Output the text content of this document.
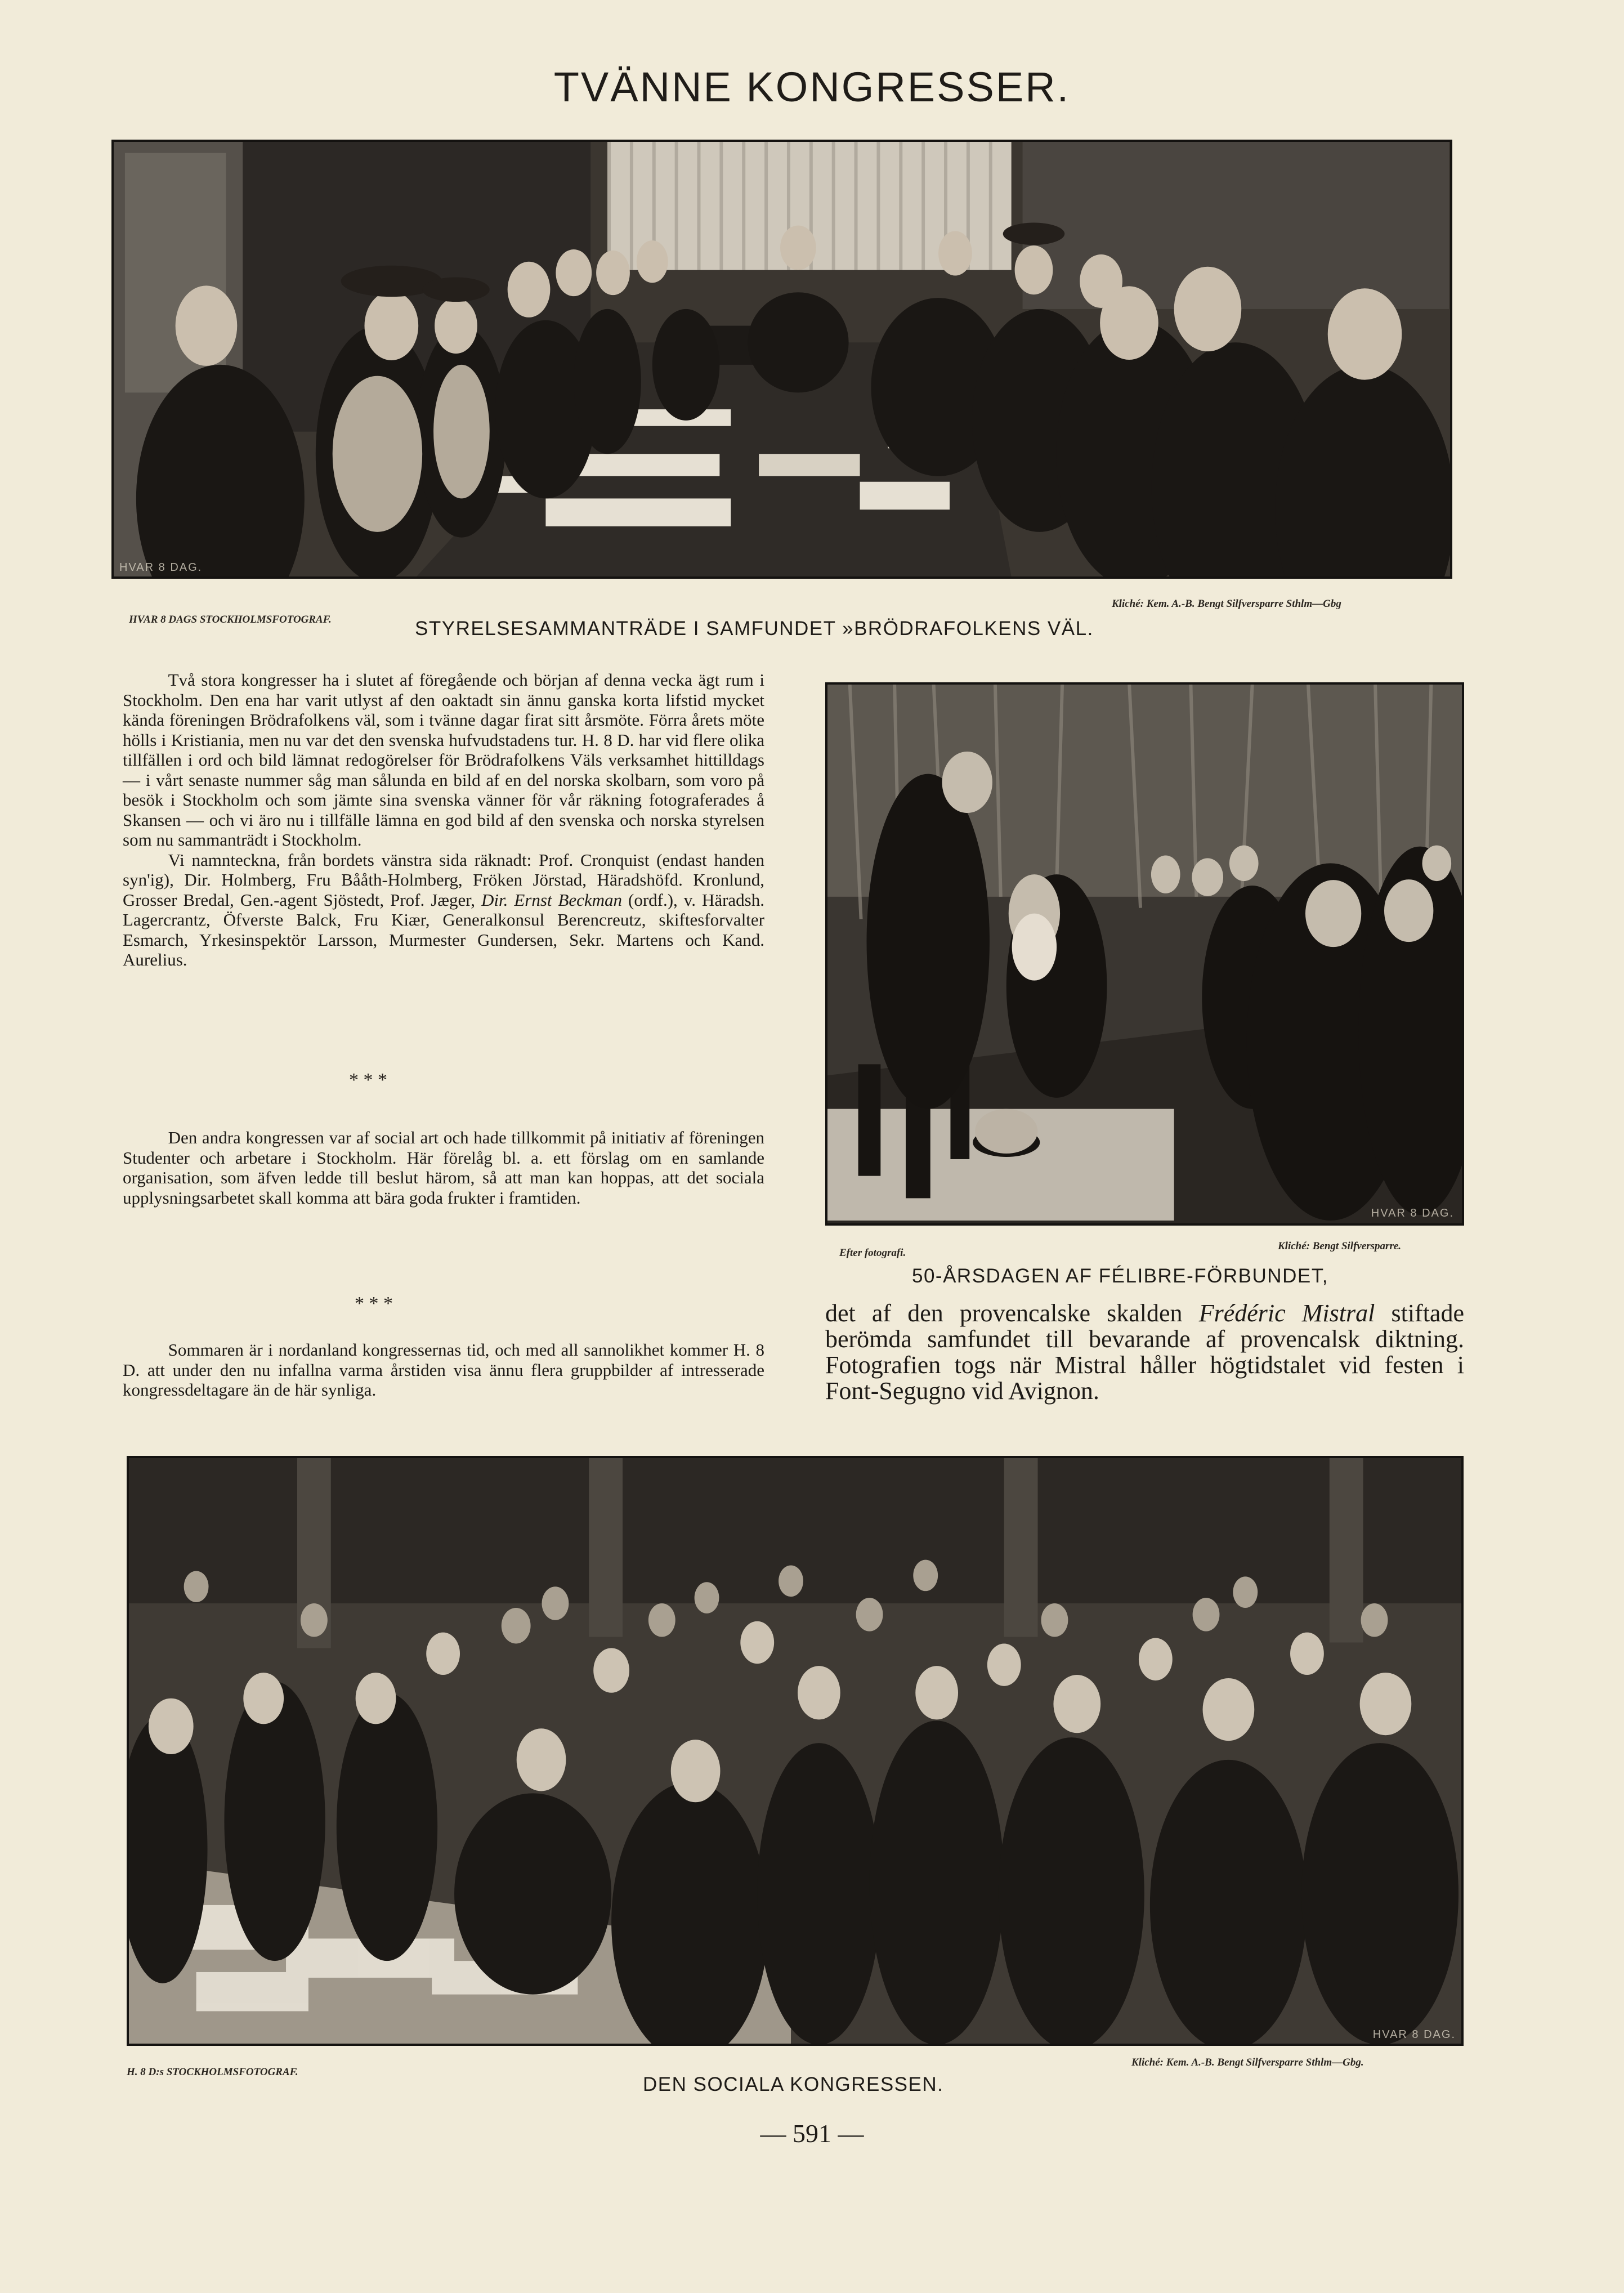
TVÄNNE KONGRESSER.
HVAR 8 DAG.
HVAR 8 DAGS STOCKHOLMSFOTOGRAF.
Kliché: Kem. A.-B. Bengt Silfversparre Sthlm—Gbg
STYRELSESAMMANTRÄDE I SAMFUNDET »BRÖDRAFOLKENS VÄL.

Två stora kongresser ha i slutet af föregående och början af denna vecka ägt rum i Stockholm. Den ena har varit utlyst af den oaktadt sin ännu ganska korta lifstid mycket kända föreningen Brödrafolkens väl, som i tvänne dagar firat sitt årsmöte. Förra årets möte hölls i Kristiania, men nu var det den svenska hufvudstadens tur. H. 8 D. har vid flere olika tillfällen i ord och bild lämnat redogörelser för Brödrafolkens Väls verksamhet hittilldags — i vårt senaste nummer såg man sålunda en bild af en del norska skolbarn, som voro på besök i Stockholm och som jämte sina svenska vänner för vår räkning fotograferades å Skansen — och vi äro nu i tillfälle lämna en god bild af den svenska och norska styrelsen som nu sammanträdt i Stockholm.

Vi namnteckna, från bordets vänstra sida räknadt: Prof. Cronquist (endast handen syn'ig), Dir. Holmberg, Fru Bååth-Holmberg, Fröken Jörstad, Häradshöfd. Kronlund, Grosser Bredal, Gen.-agent Sjöstedt, Prof. Jæger, Dir. Ernst Beckman (ordf.), v. Häradsh. Lagercrantz, Öfverste Balck, Fru Kiær, Generalkonsul Berencreutz, skiftesforvalter Esmarch, Yrkesinspektör Larsson, Murmester Gundersen, Sekr. Martens och Kand. Aurelius.

* * *

Den andra kongressen var af social art och hade tillkommit på initiativ af föreningen Studenter och arbetare i Stockholm. Här förelåg bl. a. ett förslag om en samlande organisation, som äfven ledde till beslut härom, så att man kan hoppas, att det sociala upplysningsarbetet skall komma att bära goda frukter i framtiden.

* * *

Sommaren är i nordanland kongressernas tid, och med all sannolikhet kommer H. 8 D. att under den nu infallna varma årstiden visa ännu flera gruppbilder af intresserade kongressdeltagare än de här synliga.

HVAR 8 DAG.
Efter fotografi.
Kliché: Bengt Silfversparre.
50-ÅRSDAGEN AF FÉLIBRE-FÖRBUNDET,
det af den provencalske skalden Frédéric Mistral stiftade berömda samfundet till bevarande af provencalsk diktning. Fotografien togs när Mistral håller högtidstalet vid festen i Font-Segugno vid Avignon.
HVAR 8 DAG.
H. 8 D:s STOCKHOLMSFOTOGRAF.
Kliché: Kem. A.-B. Bengt Silfversparre Sthlm—Gbg.
DEN SOCIALA KONGRESSEN.
— 591 —
